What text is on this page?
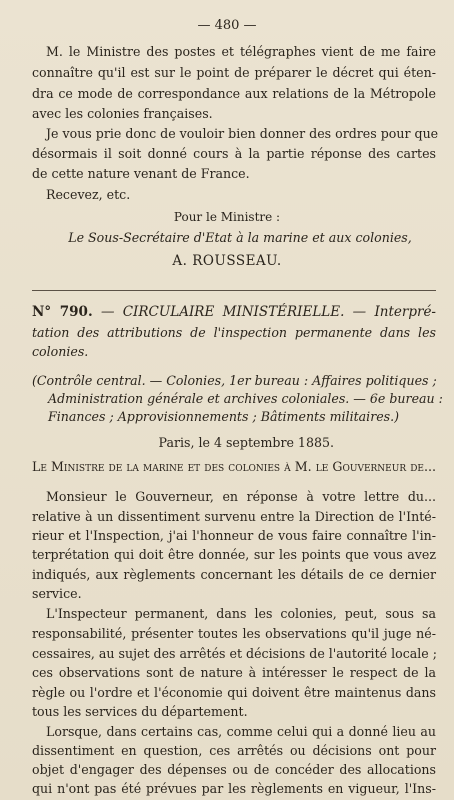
— 480 —
M. le Ministre des postes et télégraphes vient de me faire
connaître qu'il est sur le point de préparer le décret qui éten-
dra ce mode de correspondance aux relations de la Métropole
avec les colonies françaises.
Je vous prie donc de vouloir bien donner des ordres pour que
désormais il soit donné cours à la partie réponse des cartes
de cette nature venant de France.
Recevez, etc.
Pour le Ministre :
Le Sous-Secrétaire d'Etat à la marine et aux colonies,
A. ROUSSEAU.
N° 790. — CIRCULAIRE MINISTÉRIELLE. — Interpré-
tation des attributions de l'inspection permanente dans les
colonies.
(Contrôle central. — Colonies, 1er bureau : Affaires politiques ;
Administration générale et archives coloniales. — 6e bureau :
Finances ; Approvisionnements ; Bâtiments militaires.)
Paris, le 4 septembre 1885.
Le Ministre de la marine et des colonies à M. le Gouverneur de...
Monsieur le Gouverneur, en réponse à votre lettre du...
relative à un dissentiment survenu entre la Direction de l'Inté-
rieur et l'Inspection, j'ai l'honneur de vous faire connaître l'in-
terprétation qui doit être donnée, sur les points que vous avez
indiqués, aux règlements concernant les détails de ce dernier
service.
L'Inspecteur permanent, dans les colonies, peut, sous sa
responsabilité, présenter toutes les observations qu'il juge né-
cessaires, au sujet des arrêtés et décisions de l'autorité locale ;
ces observations sont de nature à intéresser le respect de la
règle ou l'ordre et l'économie qui doivent être maintenus dans
tous les services du département.
Lorsque, dans certains cas, comme celui qui a donné lieu au
dissentiment en question, ces arrêtés ou décisions ont pour
objet d'engager des dépenses ou de concéder des allocations
qui n'ont pas été prévues par les règlements en vigueur, l'Ins-
